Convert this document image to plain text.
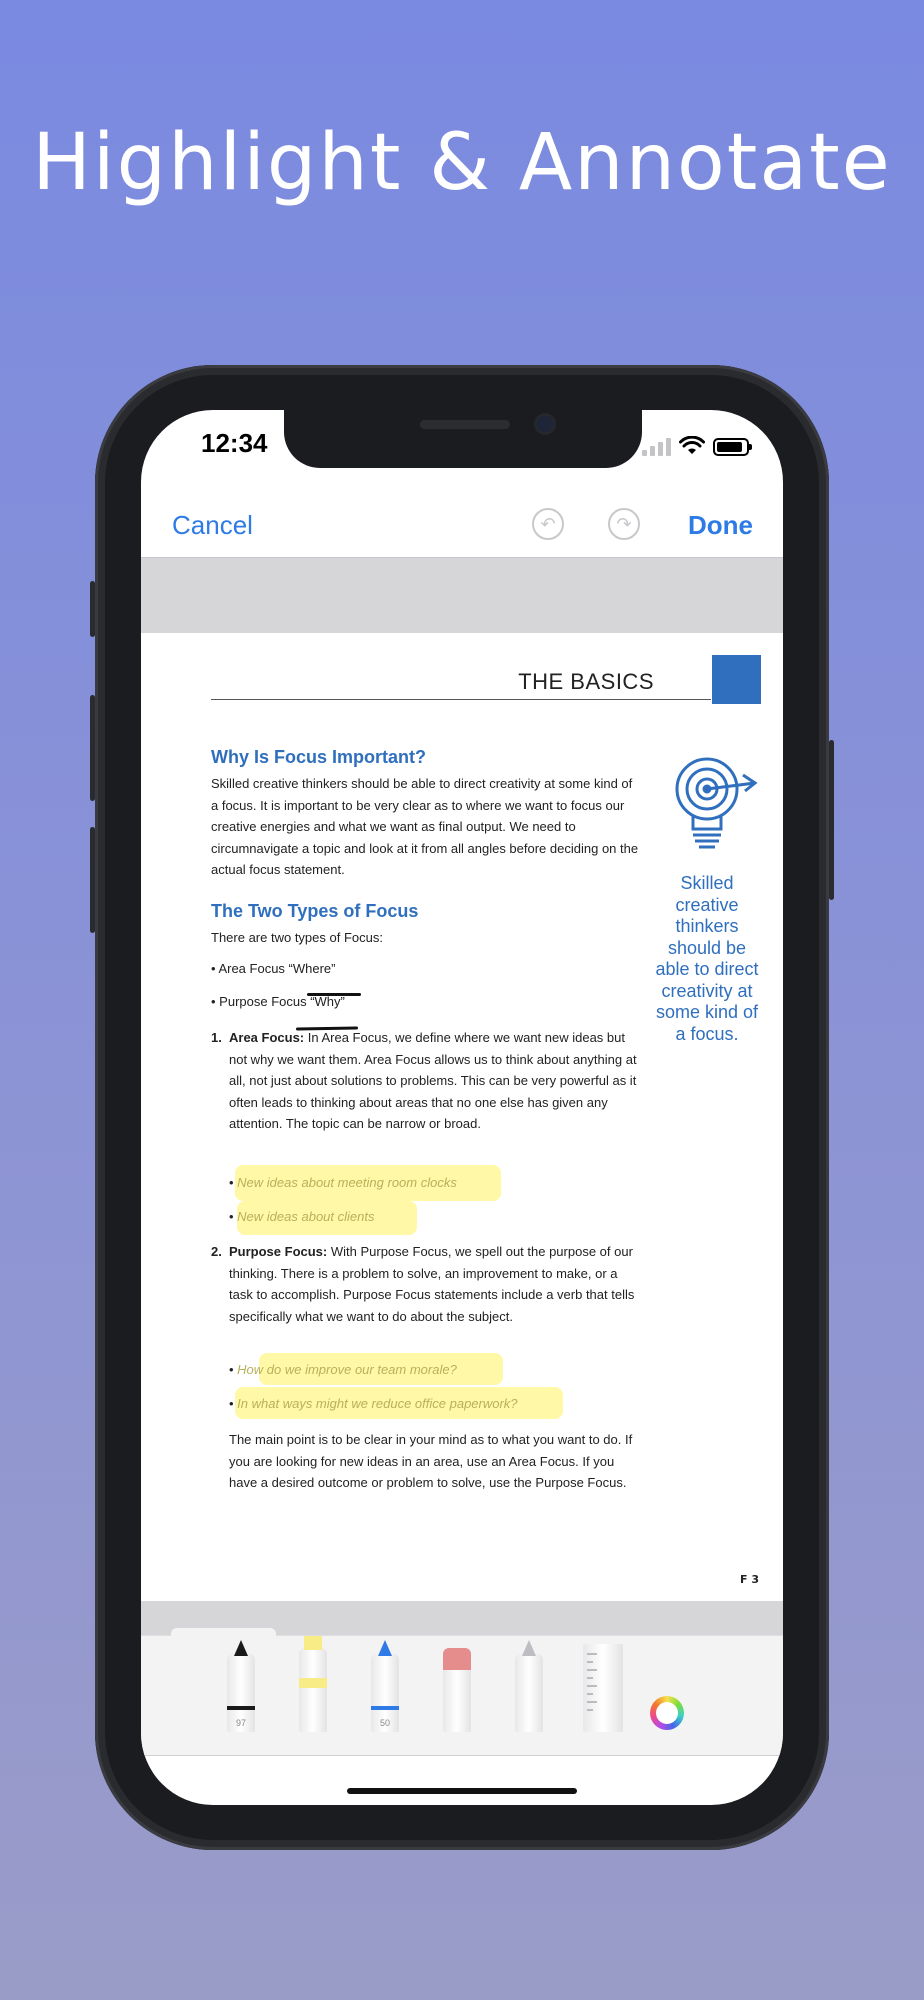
Highlight & Annotate
12:34
Cancel	↶	↷	Done
THE BASICS
Why Is Focus Important?
Skilled creative thinkers should be able to direct creativity at some kind of a focus. It is important to be very clear as to where we want to focus our creative energies and what we want as final output. We need to circumnavigate a topic and look at it from all angles before deciding on the actual focus statement.
Skilled creative thinkers should be able to direct creativity at some kind of a focus.
The Two Types of Focus
There are two types of Focus:
• Area Focus “Where”
• Purpose Focus “Why”
1. Area Focus: In Area Focus, we define where we want new ideas but not why we want them. Area Focus allows us to think about anything at all, not just about solutions to problems. This can be very powerful as it often leads to thinking about areas that no one else has given any attention. The topic can be narrow or broad.
• New ideas about meeting room clocks
• New ideas about clients
2. Purpose Focus: With Purpose Focus, we spell out the purpose of our thinking. There is a problem to solve, an improvement to make, or a task to accomplish. Purpose Focus statements include a verb that tells specifically what we want to do about the subject.
• How do we improve our team morale?
• In what ways might we reduce office paperwork?
The main point is to be clear in your mind as to what you want to do. If you are looking for new ideas in an area, use an Area Focus. If you have a desired outcome or problem to solve, use the Purpose Focus.
F 3
97	50
